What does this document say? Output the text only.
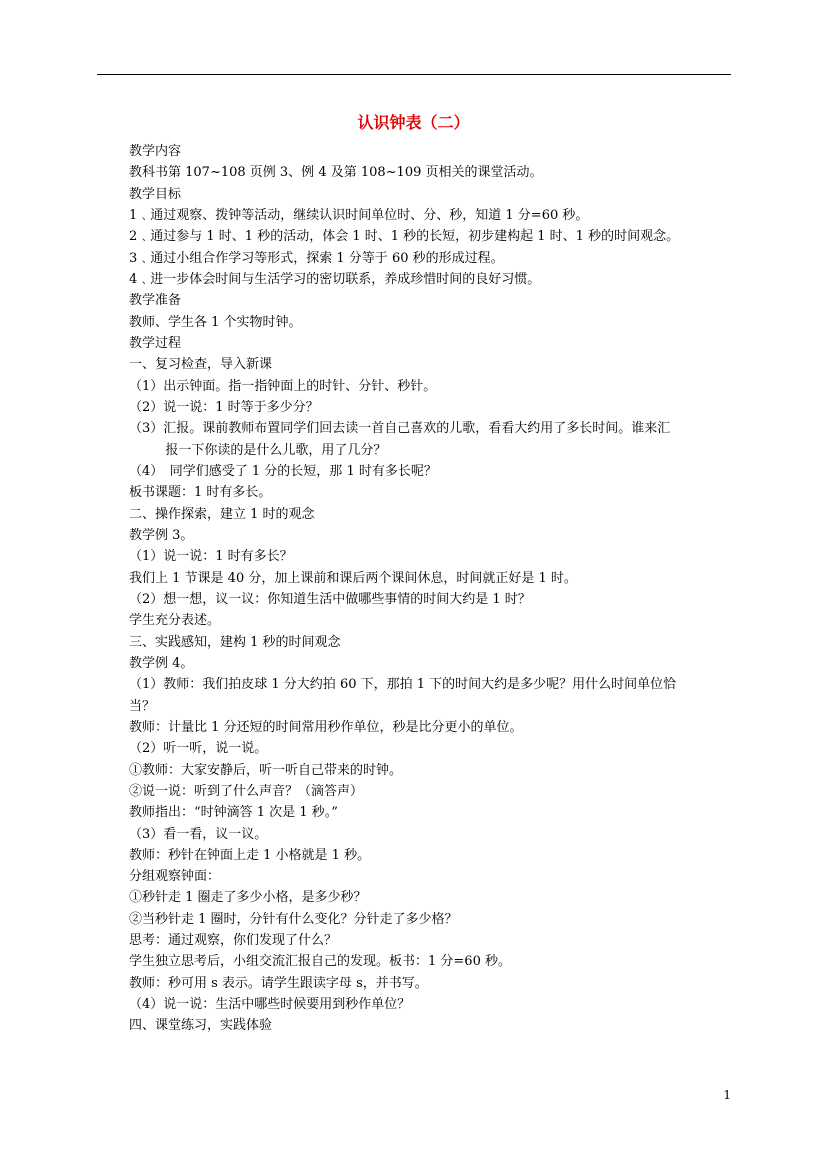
认识钟表（二）
教学内容
教科书第 107~108 页例 3、例 4 及第 108~109 页相关的课堂活动。
教学目标
1﹑通过观察、拨钟等活动，继续认识时间单位时、分、秒，知道 1 分=60 秒。
2﹑通过参与 1 时、1 秒的活动，体会 1 时、1 秒的长短，初步建构起 1 时、1 秒的时间观念。
3﹑通过小组合作学习等形式，探索 1 分等于 60 秒的形成过程。
4﹑进一步体会时间与生活学习的密切联系，养成珍惜时间的良好习惯。
教学准备
教师、学生各 1 个实物时钟。
教学过程
一、复习检查，导入新课
（1）出示钟面。指一指钟面上的时针、分针、秒针。
（2）说一说：1 时等于多少分？
（3）汇报。课前教师布置同学们回去读一首自己喜欢的儿歌，看看大约用了多长时间。谁来汇
报一下你读的是什么儿歌，用了几分？
（4）　同学们感受了 1 分的长短，那 1 时有多长呢？
板书课题：1 时有多长。
二、操作探索，建立 1 时的观念
教学例 3。
（1）说一说：1 时有多长？
我们上 1 节课是 40 分，加上课前和课后两个课间休息，时间就正好是 1 时。
（2）想一想，议一议：你知道生活中做哪些事情的时间大约是 1 时？
学生充分表述。
三、实践感知，建构 1 秒的时间观念
教学例 4。
（1）教师：我们拍皮球 1 分大约拍 60 下，那拍 1 下的时间大约是多少呢？用什么时间单位恰
当？
教师：计量比 1 分还短的时间常用秒作单位，秒是比分更小的单位。
（2）听一听，说一说。
①教师：大家安静后，听一听自己带来的时钟。
②说一说：听到了什么声音？（滴答声）
教师指出：“时钟滴答 1 次是 1 秒。”
（3）看一看，议一议。
教师：秒针在钟面上走 1 小格就是 1 秒。
分组观察钟面：
①秒针走 1 圈走了多少小格，是多少秒？
②当秒针走 1 圈时，分针有什么变化？分针走了多少格？
思考：通过观察，你们发现了什么？
学生独立思考后，小组交流汇报自己的发现。板书：1 分=60 秒。
教师：秒可用 s 表示。请学生跟读字母 s，并书写。
（4）说一说：生活中哪些时候要用到秒作单位？
四、课堂练习，实践体验
1
